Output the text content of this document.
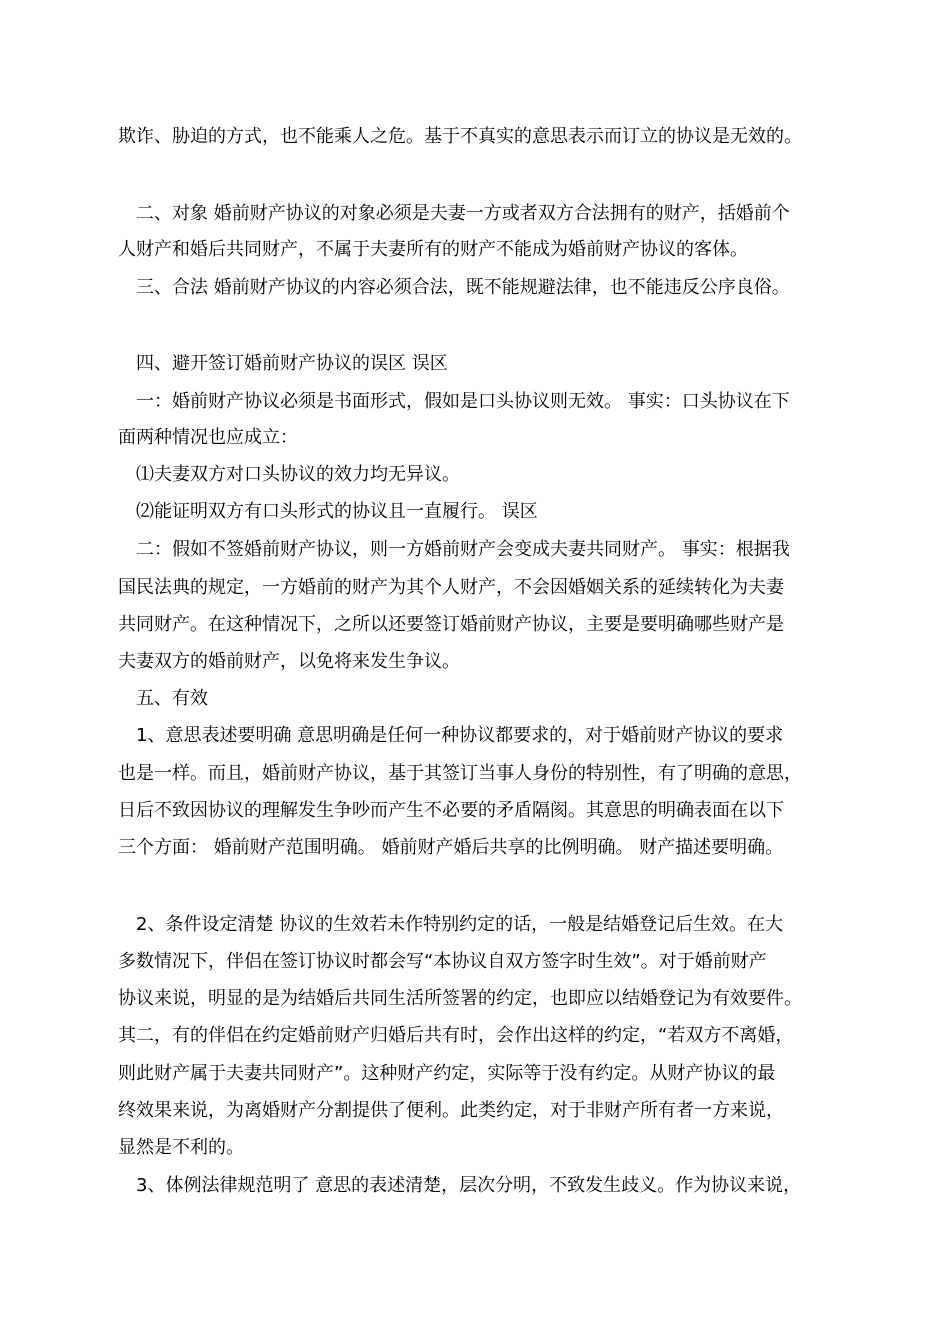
欺诈、胁迫的方式，也不能乘人之危。基于不真实的意思表示而订立的协议是无效的。
二、对象 婚前财产协议的对象必须是夫妻一方或者双方合法拥有的财产，括婚前个
人财产和婚后共同财产，不属于夫妻所有的财产不能成为婚前财产协议的客体。
三、合法 婚前财产协议的内容必须合法，既不能规避法律，也不能违反公序良俗。
四、避开签订婚前财产协议的误区 误区
一：婚前财产协议必须是书面形式，假如是口头协议则无效。 事实：口头协议在下
面两种情况也应成立：
⑴夫妻双方对口头协议的效力均无异议。
⑵能证明双方有口头形式的协议且一直履行。 误区
二：假如不签婚前财产协议，则一方婚前财产会变成夫妻共同财产。 事实：根据我
国民法典的规定，一方婚前的财产为其个人财产，不会因婚姻关系的延续转化为夫妻
共同财产。在这种情况下，之所以还要签订婚前财产协议，主要是要明确哪些财产是
夫妻双方的婚前财产，以免将来发生争议。
五、有效
1、意思表述要明确 意思明确是任何一种协议都要求的，对于婚前财产协议的要求
也是一样。而且，婚前财产协议，基于其签订当事人身份的特别性，有了明确的意思，
日后不致因协议的理解发生争吵而产生不必要的矛盾隔阂。其意思的明确表面在以下
三个方面： 婚前财产范围明确。 婚前财产婚后共享的比例明确。 财产描述要明确。
2、条件设定清楚 协议的生效若未作特别约定的话，一般是结婚登记后生效。在大
多数情况下，伴侣在签订协议时都会写“本协议自双方签字时生效”。对于婚前财产
协议来说，明显的是为结婚后共同生活所签署的约定，也即应以结婚登记为有效要件。
其二，有的伴侣在约定婚前财产归婚后共有时，会作出这样的约定，“若双方不离婚，
则此财产属于夫妻共同财产”。这种财产约定，实际等于没有约定。从财产协议的最
终效果来说，为离婚财产分割提供了便利。此类约定，对于非财产所有者一方来说，
显然是不利的。
3、体例法律规范明了 意思的表述清楚，层次分明，不致发生歧义。作为协议来说，
